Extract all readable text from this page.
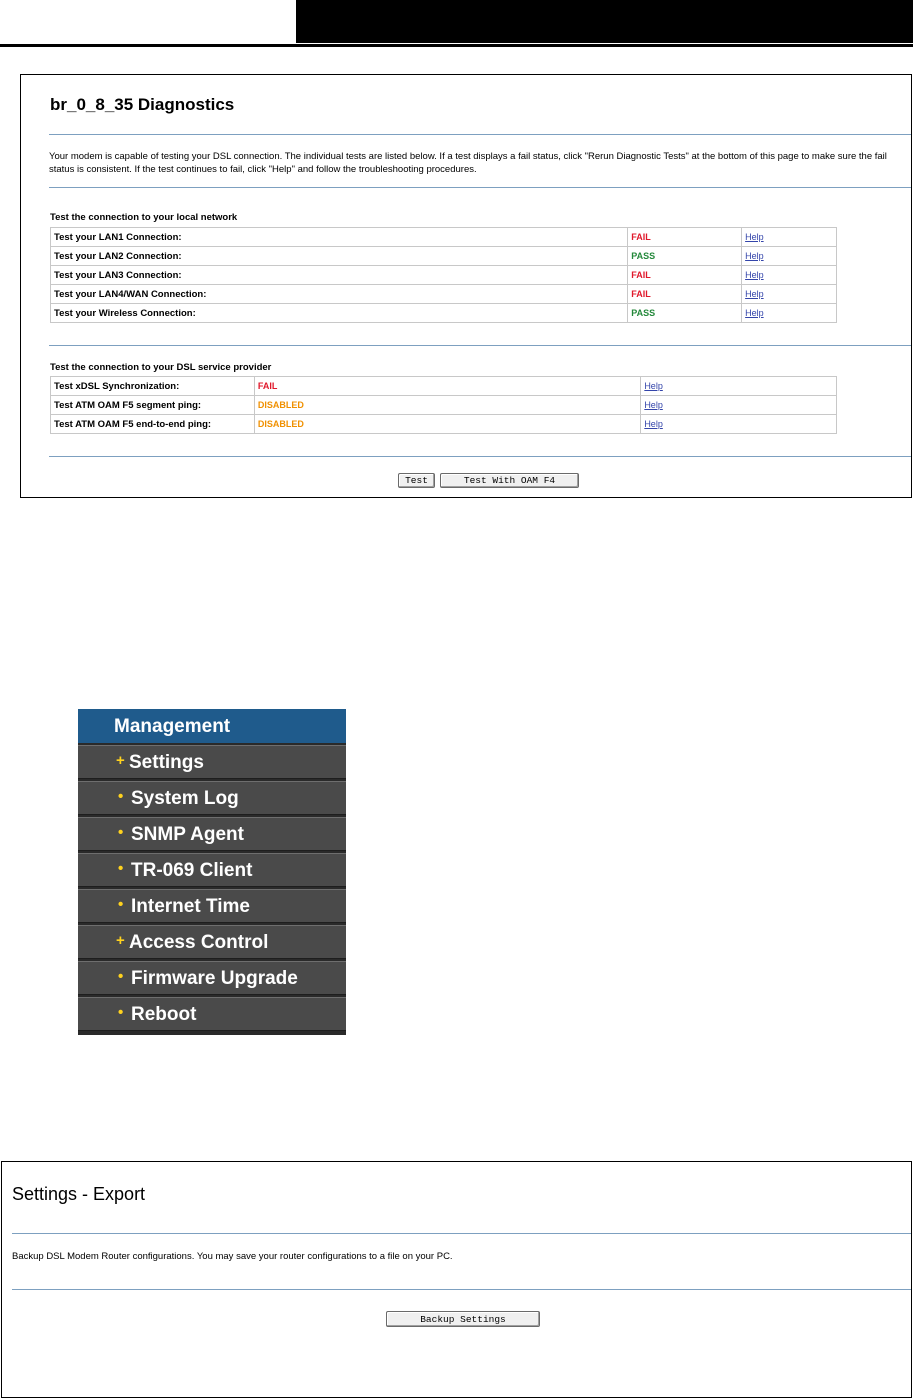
br_0_8_35 Diagnostics
Your modem is capable of testing your DSL connection. The individual tests are listed below. If a test displays a fail status, click "Rerun Diagnostic Tests" at the bottom of this page to make sure the fail
status is consistent. If the test continues to fail, click "Help" and follow the troubleshooting procedures.
Test the connection to your local network
Test your LAN1 Connection:	FAIL	Help
Test your LAN2 Connection:	PASS	Help
Test your LAN3 Connection:	FAIL	Help
Test your LAN4/WAN Connection:	FAIL	Help
Test your Wireless Connection:	PASS	Help
Test the connection to your DSL service provider
Test xDSL Synchronization:	FAIL	Help
Test ATM OAM F5 segment ping:	DISABLED	Help
Test ATM OAM F5 end-to-end ping:	DISABLED	Help
Test	Test With OAM F4
Management
+ Settings
• System Log
• SNMP Agent
• TR-069 Client
• Internet Time
+ Access Control
• Firmware Upgrade
• Reboot
Settings - Export
Backup DSL Modem Router configurations. You may save your router configurations to a file on your PC.
Backup Settings
